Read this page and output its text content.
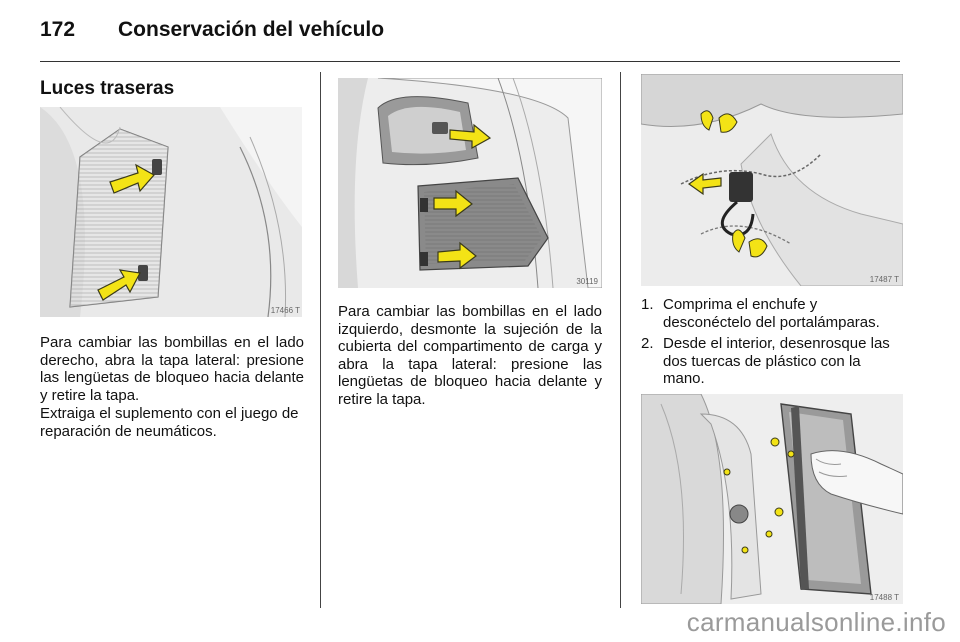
172 Conservación del vehículo
Luces traseras
17466 T

Para cambiar las bombillas en el lado derecho, abra la tapa lateral: presione las lengüetas de bloqueo hacia delante y retire la tapa.

Extraiga el suplemento con el juego de reparación de neumáticos.

30119

Para cambiar las bombillas en el lado izquierdo, desmonte la sujeción de la cubierta del compartimento de carga y abra la tapa lateral: presione las lengüetas de bloqueo hacia delante y retire la tapa.

17487 T
1. Comprima el enchufe y desconéctelo del portalámparas.
2. Desde el interior, desenrosque las dos tuercas de plástico con la mano.
17488 T
carmanualsonline.info
